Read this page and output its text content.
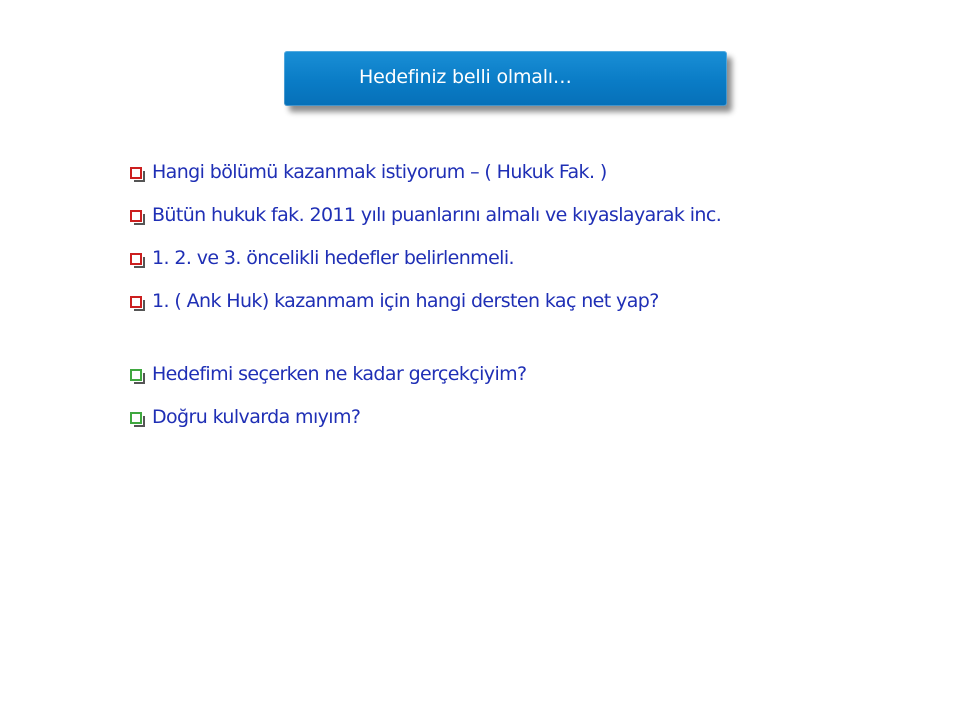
Hedefiniz belli olmalı…
Hangi bölümü kazanmak istiyorum – ( Hukuk Fak. )
Bütün hukuk fak. 2011 yılı puanlarını almalı ve kıyaslayarak inc.
1. 2. ve 3. öncelikli hedefler belirlenmeli.
1. ( Ank Huk) kazanmam için hangi dersten kaç net yap?
Hedefimi seçerken ne kadar gerçekçiyim?
Doğru kulvarda mıyım?
